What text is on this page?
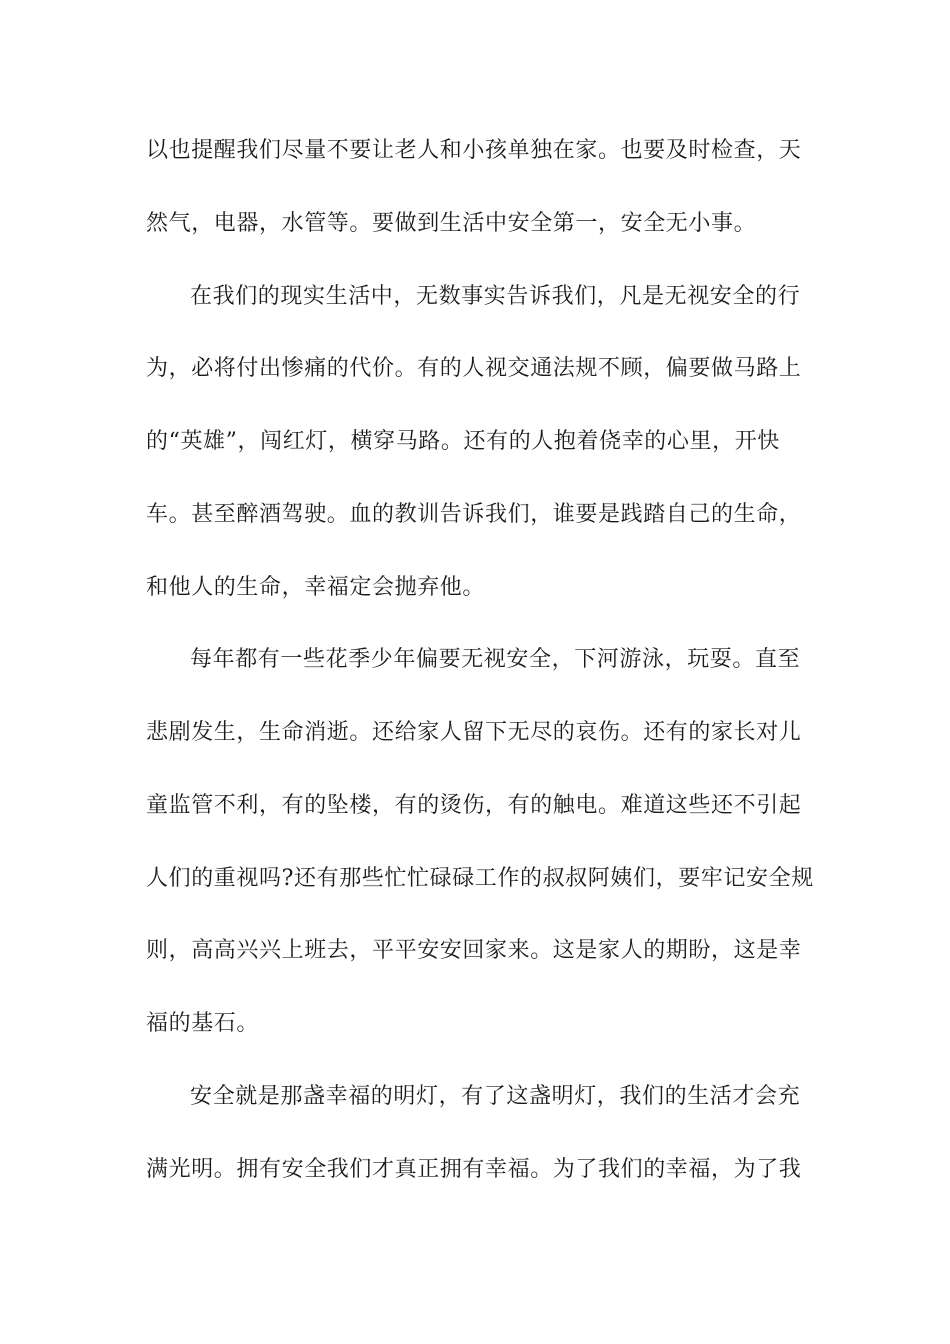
以也提醒我们尽量不要让老人和小孩单独在家。也要及时检查，天
然气，电器，水管等。要做到生活中安全第一，安全无小事。
在我们的现实生活中，无数事实告诉我们，凡是无视安全的行
为，必将付出惨痛的代价。有的人视交通法规不顾，偏要做马路上
的“英雄”，闯红灯，横穿马路。还有的人抱着侥幸的心里，开快
车。甚至醉酒驾驶。血的教训告诉我们，谁要是践踏自己的生命，
和他人的生命，幸福定会抛弃他。
每年都有一些花季少年偏要无视安全，下河游泳，玩耍。直至
悲剧发生，生命消逝。还给家人留下无尽的哀伤。还有的家长对儿
童监管不利，有的坠楼，有的烫伤，有的触电。难道这些还不引起
人们的重视吗?还有那些忙忙碌碌工作的叔叔阿姨们，要牢记安全规
则，高高兴兴上班去，平平安安回家来。这是家人的期盼，这是幸
福的基石。
安全就是那盏幸福的明灯，有了这盏明灯，我们的生活才会充
满光明。拥有安全我们才真正拥有幸福。为了我们的幸福，为了我
